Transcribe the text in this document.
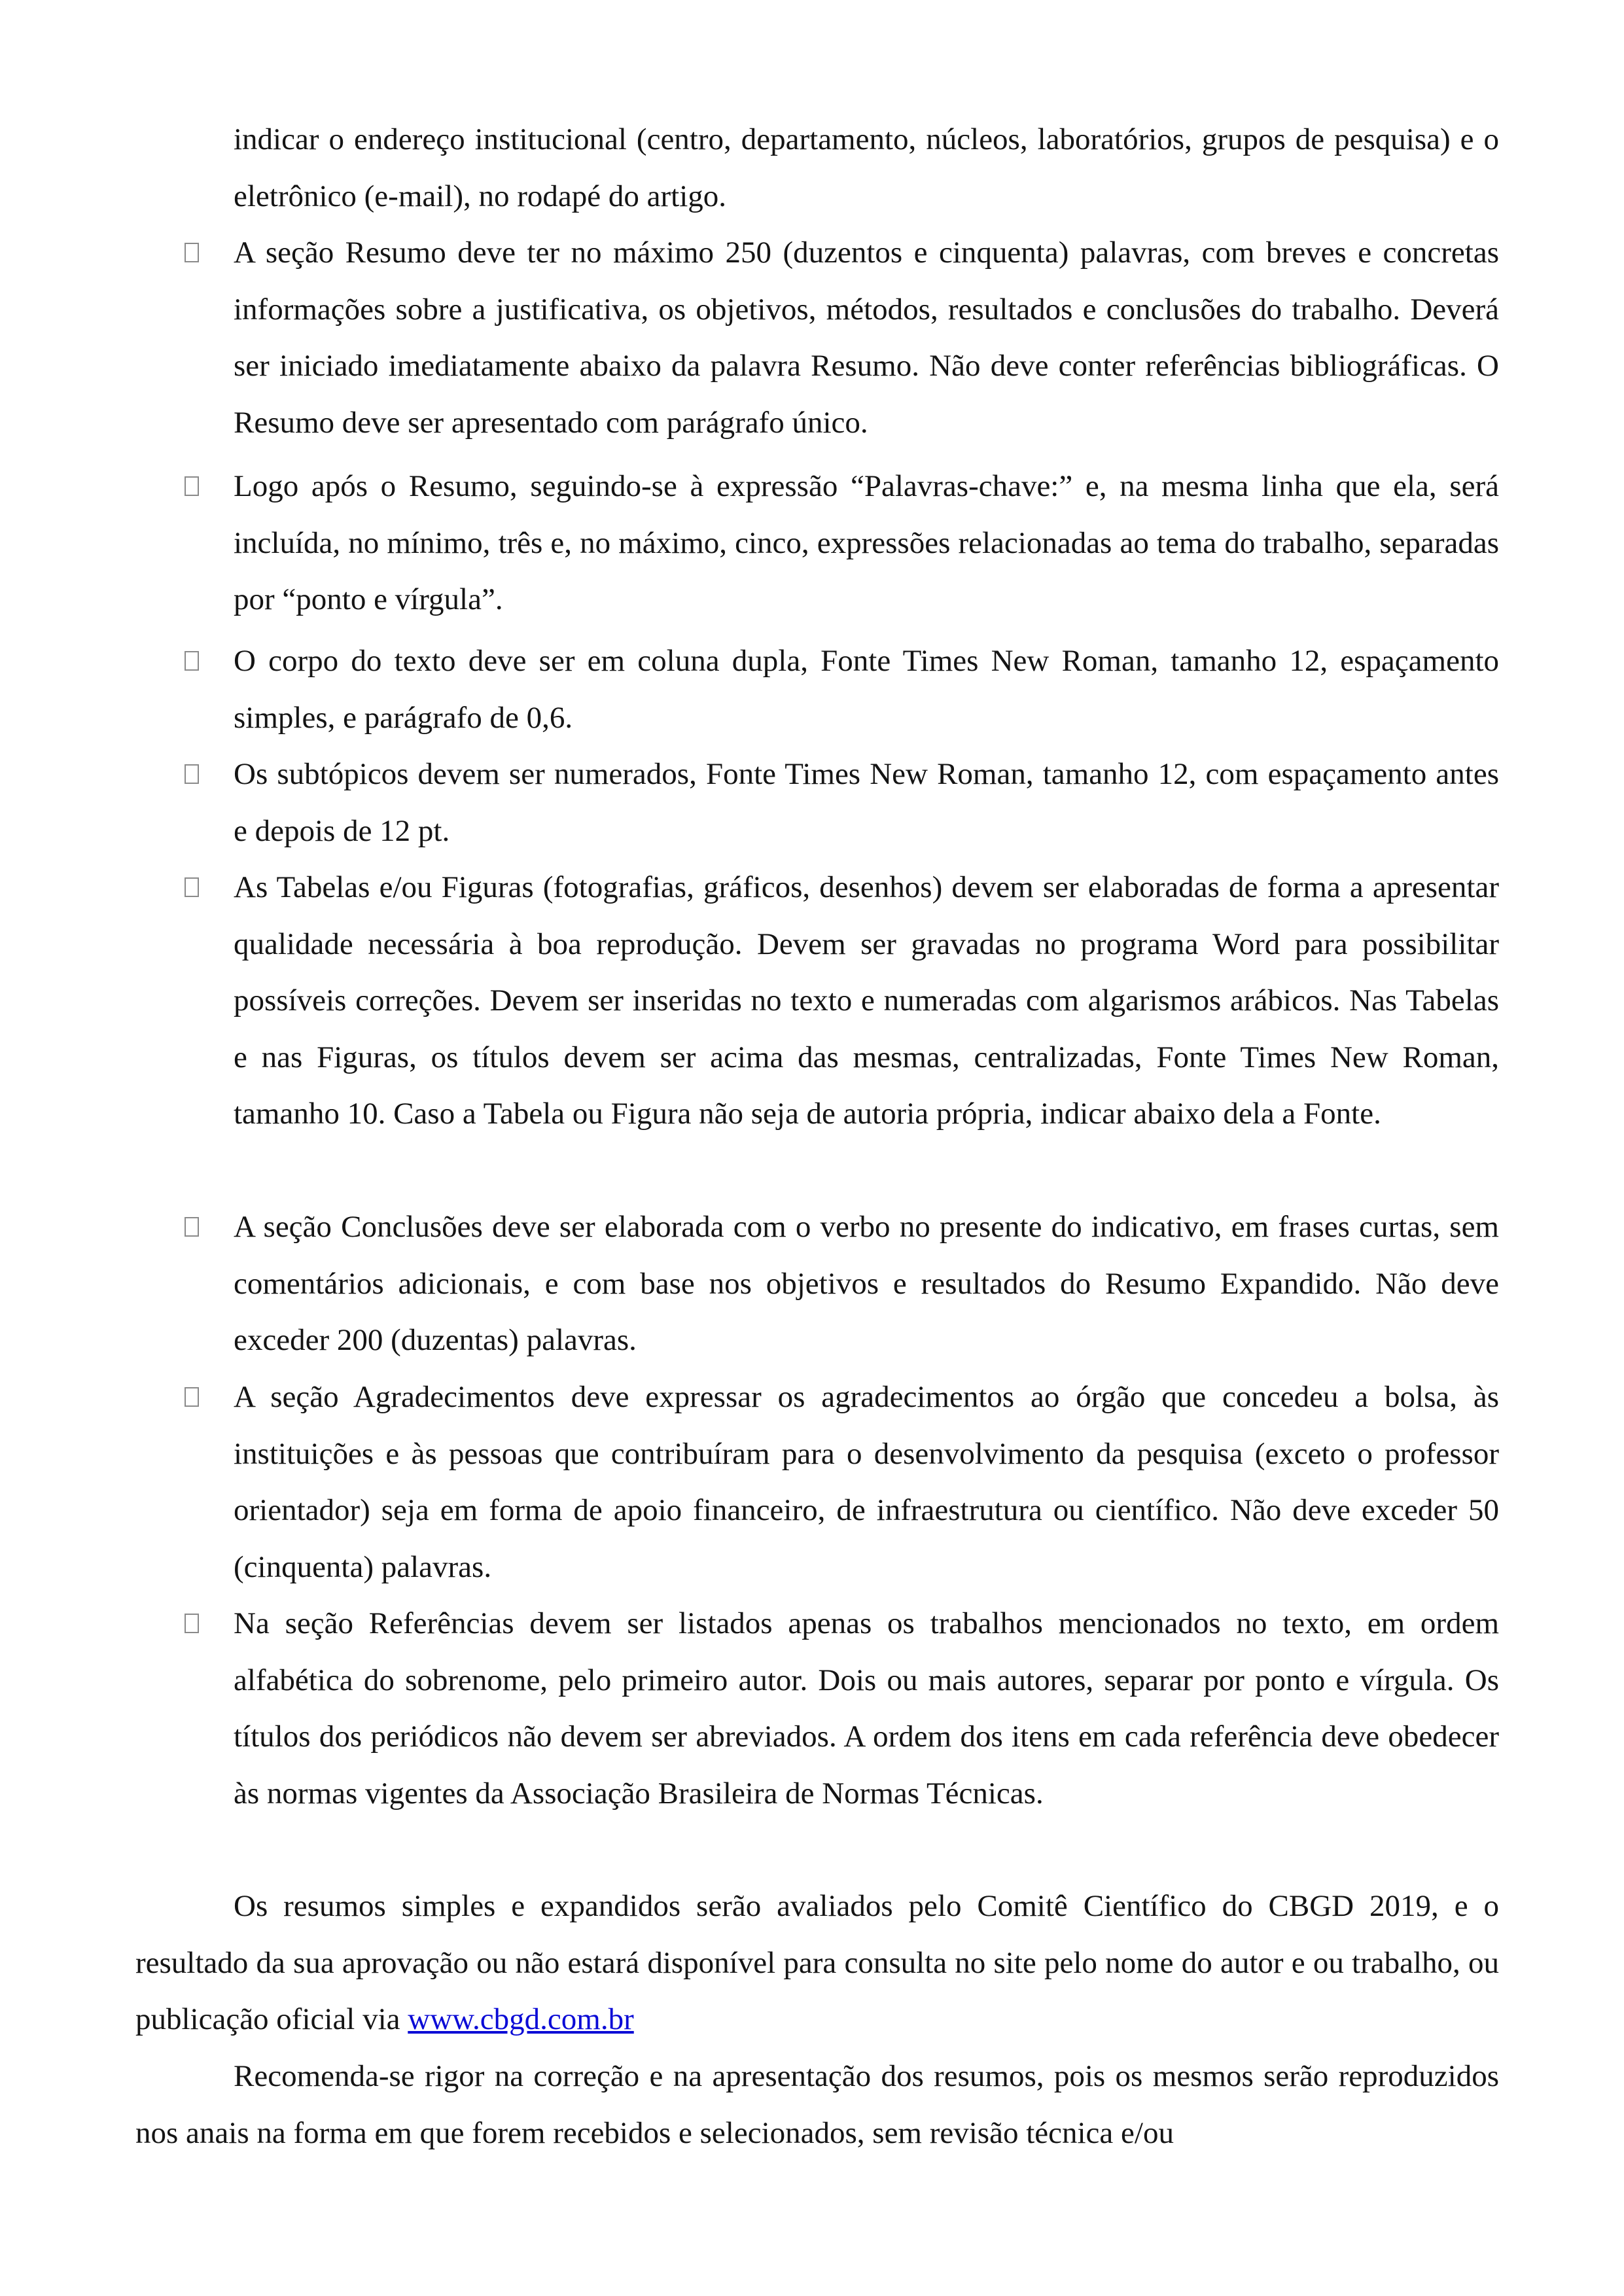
indicar o endereço institucional (centro, departamento, núcleos, laboratórios, grupos de pesquisa) e o eletrônico (e-mail), no rodapé do artigo.

A seção Resumo deve ter no máximo 250 (duzentos e cinquenta) palavras, com breves e concretas informações sobre a justificativa, os objetivos, métodos, resultados e conclusões do trabalho. Deverá ser iniciado imediatamente abaixo da palavra Resumo. Não deve conter referências bibliográficas. O Resumo deve ser apresentado com parágrafo único.

Logo após o Resumo, seguindo-se à expressão “Palavras-chave:” e, na mesma linha que ela, será incluída, no mínimo, três e, no máximo, cinco, expressões relacionadas ao tema do trabalho, separadas por “ponto e vírgula”.

O corpo do texto deve ser em coluna dupla, Fonte Times New Roman, tamanho 12, espaçamento simples, e parágrafo de 0,6.

Os subtópicos devem ser numerados, Fonte Times New Roman, tamanho 12, com espaçamento antes e depois de 12 pt.

As Tabelas e/ou Figuras (fotografias, gráficos, desenhos) devem ser elaboradas de forma a apresentar qualidade necessária à boa reprodução. Devem ser gravadas no programa Word para possibilitar possíveis correções. Devem ser inseridas no texto e numeradas com algarismos arábicos. Nas Tabelas e nas Figuras, os títulos devem ser acima das mesmas, centralizadas, Fonte Times New Roman, tamanho 10. Caso a Tabela ou Figura não seja de autoria própria, indicar abaixo dela a Fonte.

A seção Conclusões deve ser elaborada com o verbo no presente do indicativo, em frases curtas, sem comentários adicionais, e com base nos objetivos e resultados do Resumo Expandido. Não deve exceder 200 (duzentas) palavras.

A seção Agradecimentos deve expressar os agradecimentos ao órgão que concedeu a bolsa, às instituições e às pessoas que contribuíram para o desenvolvimento da pesquisa (exceto o professor orientador) seja em forma de apoio financeiro, de infraestrutura ou científico. Não deve exceder 50 (cinquenta) palavras.

Na seção Referências devem ser listados apenas os trabalhos mencionados no texto, em ordem alfabética do sobrenome, pelo primeiro autor. Dois ou mais autores, separar por ponto e vírgula. Os títulos dos periódicos não devem ser abreviados. A ordem dos itens em cada referência deve obedecer às normas vigentes da Associação Brasileira de Normas Técnicas.

Os resumos simples e expandidos serão avaliados pelo Comitê Científico do CBGD 2019, e o resultado da sua aprovação ou não estará disponível para consulta no site pelo nome do autor e ou trabalho, ou publicação oficial via www.cbgd.com.br

Recomenda-se rigor na correção e na apresentação dos resumos, pois os mesmos serão reproduzidos nos anais na forma em que forem recebidos e selecionados, sem revisão técnica e/ou
